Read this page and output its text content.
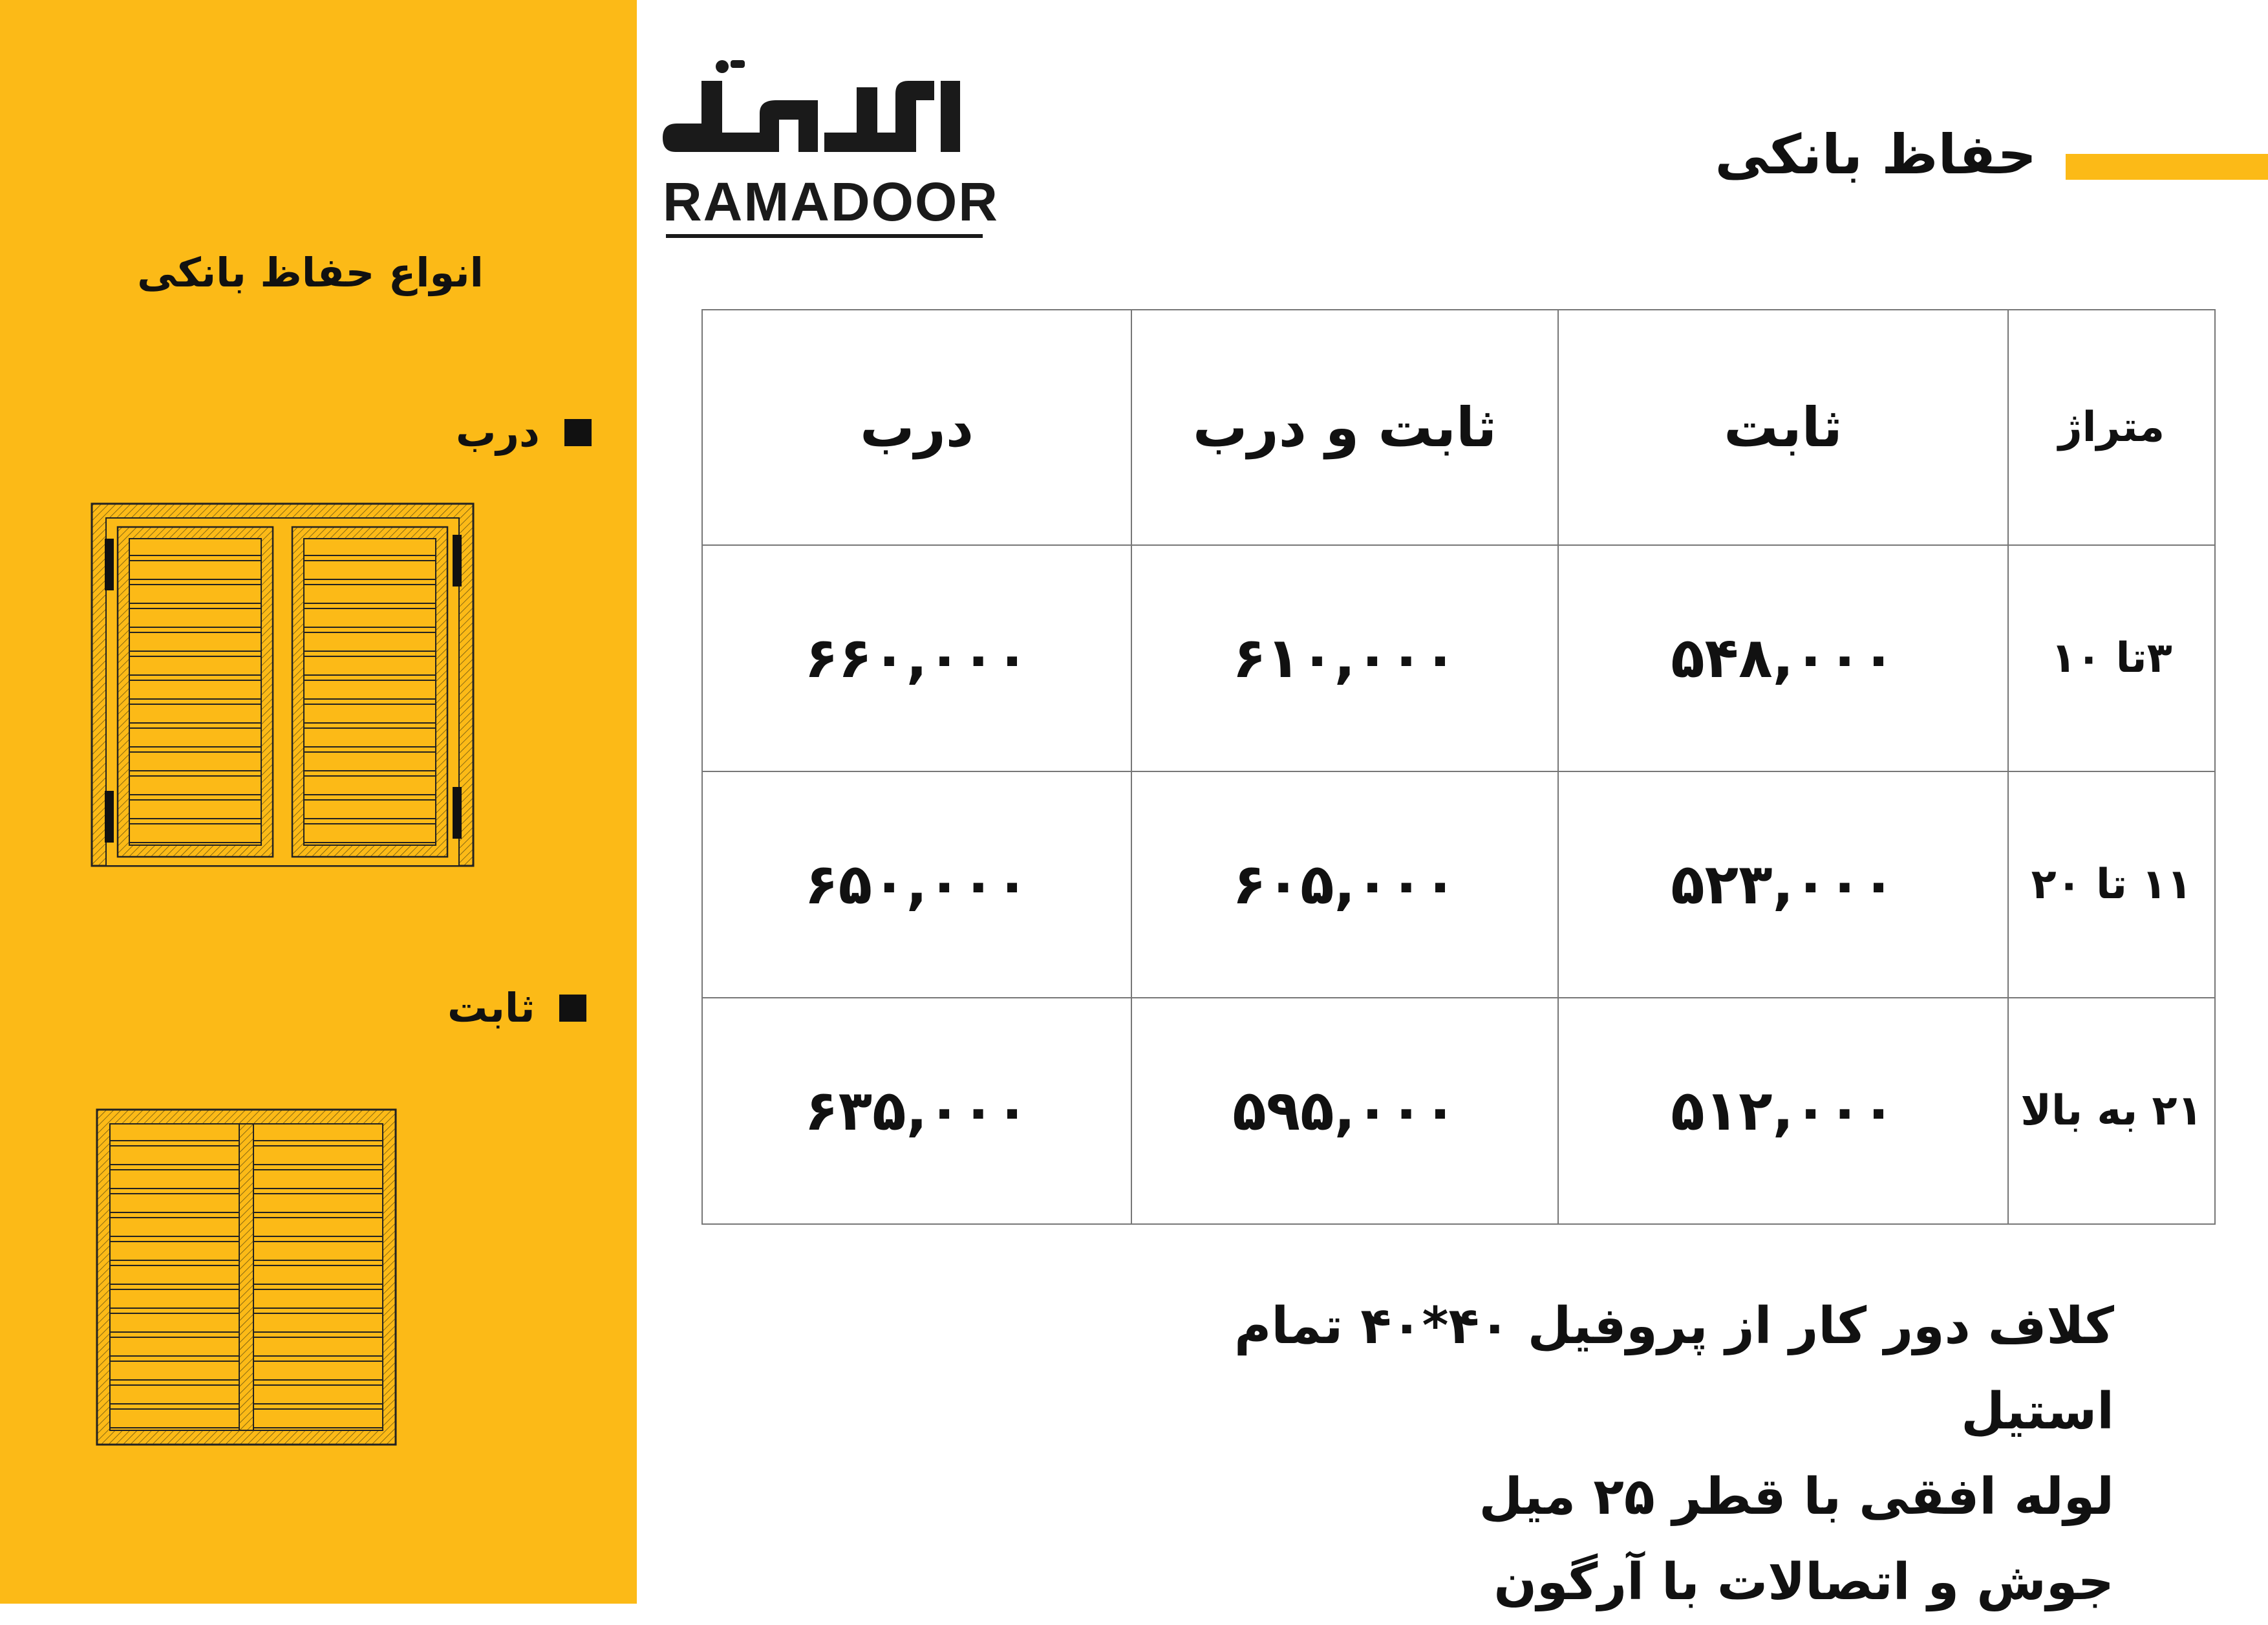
انواع حفاظ بانکی
درب
ثابت
RAMADOOR
حفاظ بانکی
متراژ	ثابت	ثابت و درب	درب
۳تا ۱۰	۵۴۸,۰۰۰	۶۱۰,۰۰۰	۶۶۰,۰۰۰
۱۱ تا ۲۰	۵۲۳,۰۰۰	۶۰۵,۰۰۰	۶۵۰,۰۰۰
۲۱ به بالا	۵۱۲,۰۰۰	۵۹۵,۰۰۰	۶۳۵,۰۰۰
کلاف دور کار از پروفیل ۴۰*۴۰ تمام استیل
لوله افقی با قطر ۲۵ میل
جوش و اتصالات با آرگون
